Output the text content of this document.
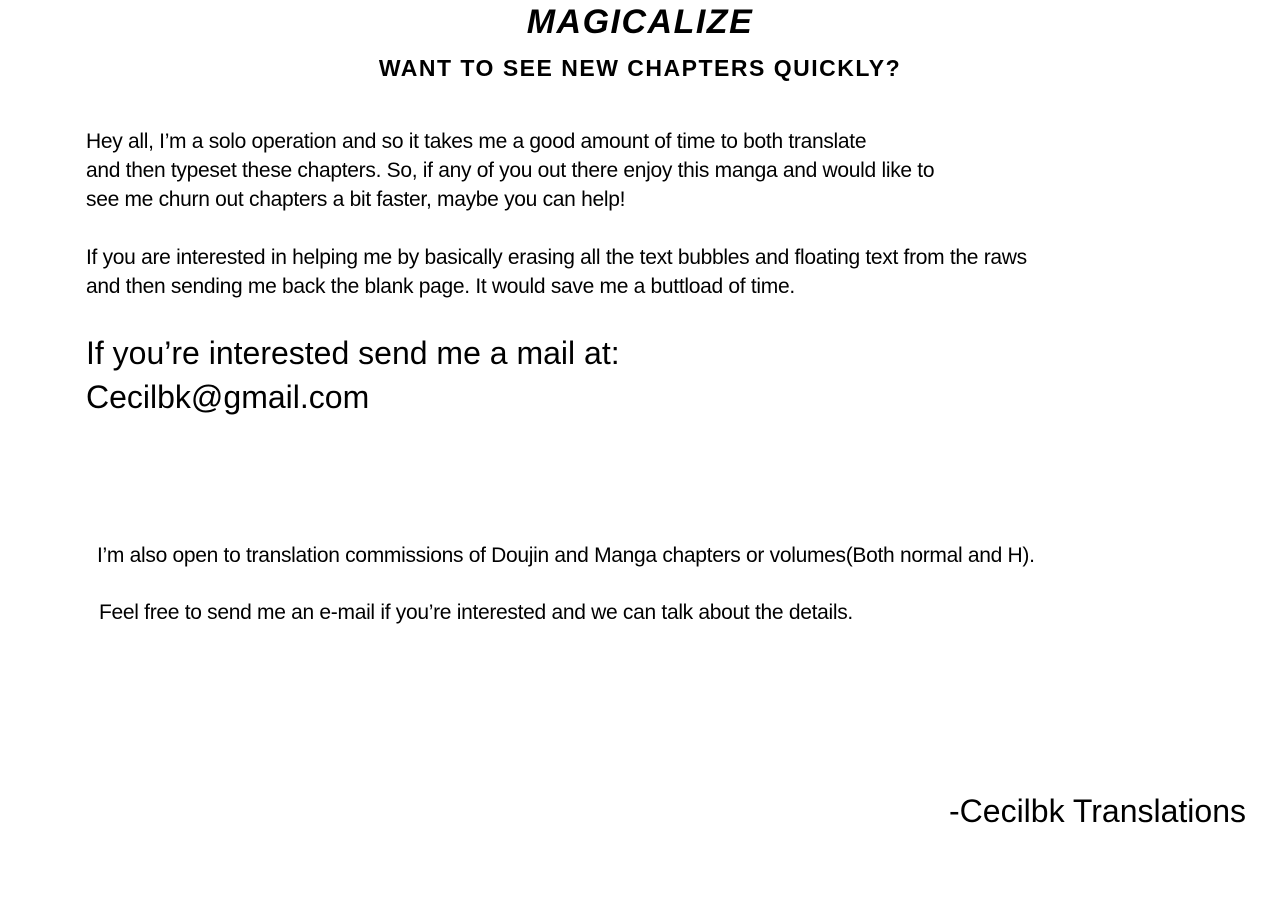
MAGICALIZE
WANT TO SEE NEW CHAPTERS QUICKLY?
Hey all, I’m a solo operation and so it takes me a good amount of time to both translate
and then typeset these chapters. So, if any of you out there enjoy this manga and would like to
see me churn out chapters a bit faster, maybe you can help!
If you are interested in helping me by basically erasing all the text bubbles and floating text from the raws
and then sending me back the blank page. It would save me a buttload of time.
If you’re interested send me a mail at:
Cecilbk@gmail.com
I’m also open to translation commissions of Doujin and Manga chapters or volumes(Both normal and H).
Feel free to send me an e-mail if you’re interested and we can talk about the details.
-Cecilbk Translations
